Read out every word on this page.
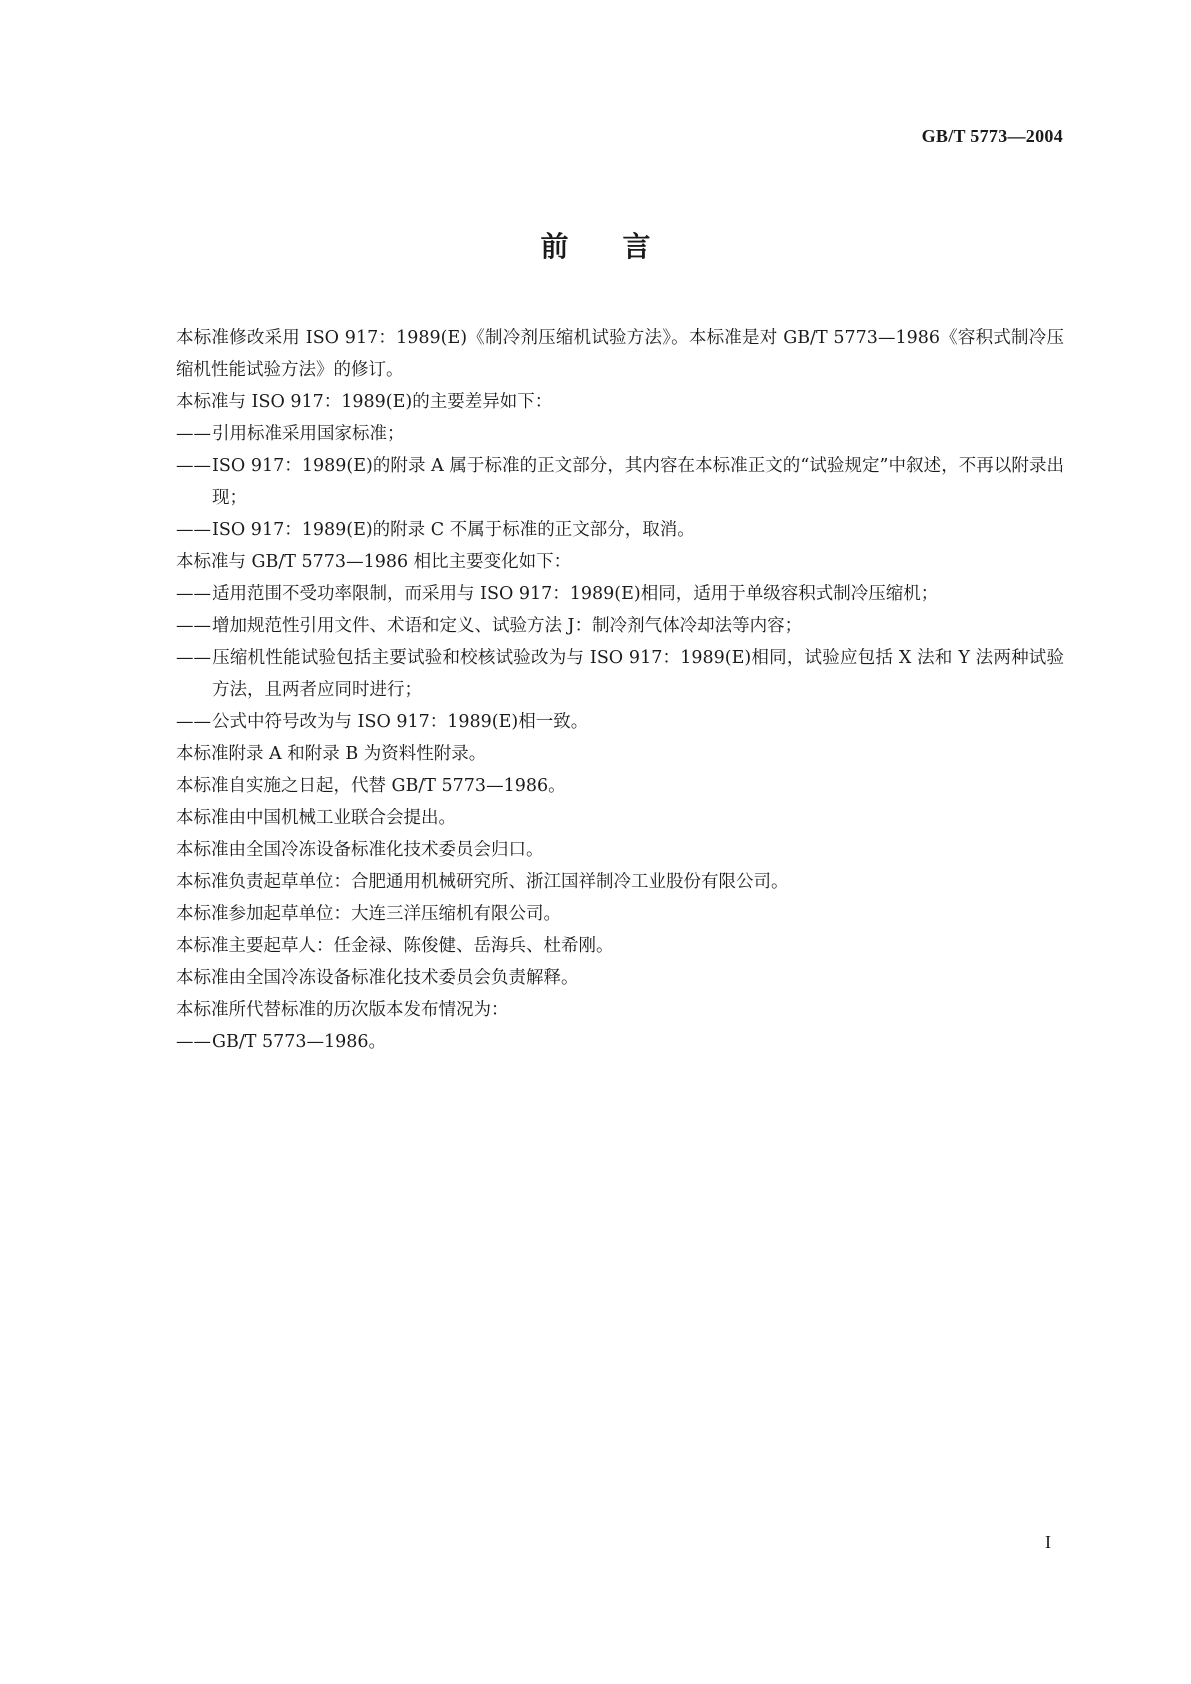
GB/T 5773—2004
前言

本标准修改采用 ISO 917：1989(E)《制冷剂压缩机试验方法》。本标准是对 GB/T 5773—1986《容积式制冷压缩机性能试验方法》的修订。

本标准与 ISO 917：1989(E)的主要差异如下：

——引用标准采用国家标准；

——ISO 917：1989(E)的附录 A 属于标准的正文部分，其内容在本标准正文的“试验规定”中叙述，不再以附录出现；

——ISO 917：1989(E)的附录 C 不属于标准的正文部分，取消。

本标准与 GB/T 5773—1986 相比主要变化如下：

——适用范围不受功率限制，而采用与 ISO 917：1989(E)相同，适用于单级容积式制冷压缩机；

——增加规范性引用文件、术语和定义、试验方法 J：制冷剂气体冷却法等内容；

——压缩机性能试验包括主要试验和校核试验改为与 ISO 917：1989(E)相同，试验应包括 X 法和 Y 法两种试验方法，且两者应同时进行；

——公式中符号改为与 ISO 917：1989(E)相一致。

本标准附录 A 和附录 B 为资料性附录。

本标准自实施之日起，代替 GB/T 5773—1986。

本标准由中国机械工业联合会提出。

本标准由全国冷冻设备标准化技术委员会归口。

本标准负责起草单位：合肥通用机械研究所、浙江国祥制冷工业股份有限公司。

本标准参加起草单位：大连三洋压缩机有限公司。

本标准主要起草人：任金禄、陈俊健、岳海兵、杜希刚。

本标准由全国冷冻设备标准化技术委员会负责解释。

本标准所代替标准的历次版本发布情况为：

——GB/T 5773—1986。

I
